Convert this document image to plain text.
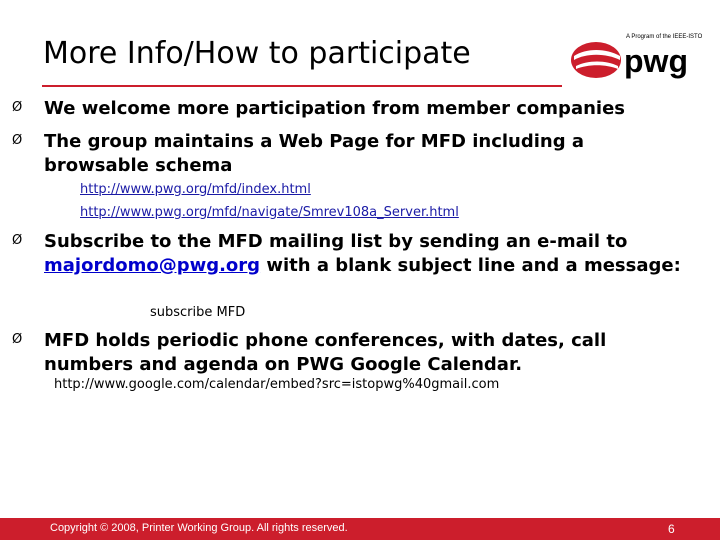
More Info/How to participate	A Program of the IEEE-ISTO
pwg
Ø We welcome more participation from member companies
Ø The group maintains a Web Page for MFD including a browsable schema
http://www.pwg.org/mfd/index.html
http://www.pwg.org/mfd/navigate/Smrev108a_Server.html
Ø Subscribe to the MFD mailing list by sending an e-mail to majordomo@pwg.org with a blank subject line and a message:
subscribe MFD
Ø MFD holds periodic phone conferences, with dates, call numbers and agenda on PWG Google Calendar.
http://www.google.com/calendar/embed?src=istopwg%40gmail.com
Copyright © 2008, Printer Working Group. All rights reserved.	6
